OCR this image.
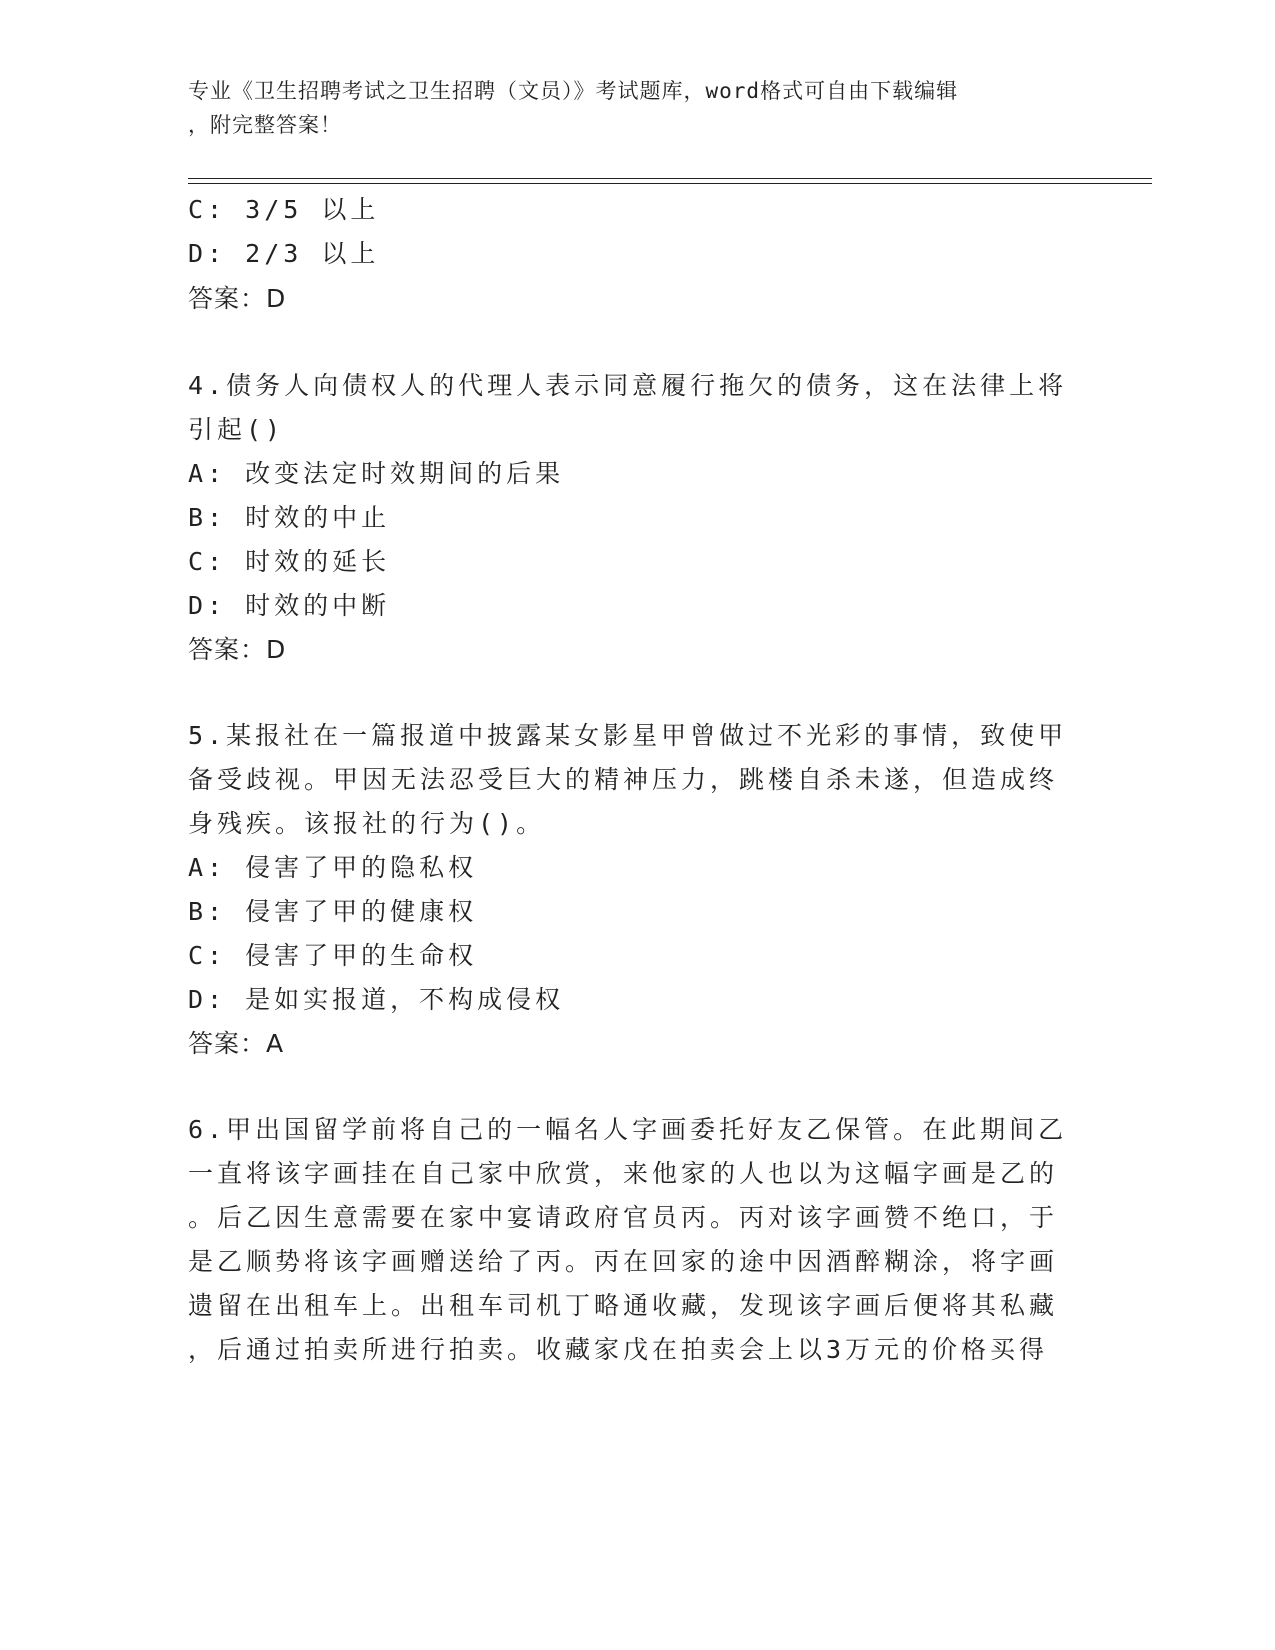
专业《卫生招聘考试之卫生招聘（文员）》考试题库，word格式可自由下载编辑
，附完整答案！
C: 3/5 以上
D: 2/3 以上
答案：D
4.债务人向债权人的代理人表示同意履行拖欠的债务，这在法律上将
引起()
A: 改变法定时效期间的后果
B: 时效的中止
C: 时效的延长
D: 时效的中断
答案：D
5.某报社在一篇报道中披露某女影星甲曾做过不光彩的事情，致使甲
备受歧视。甲因无法忍受巨大的精神压力，跳楼自杀未遂，但造成终
身残疾。该报社的行为()。
A: 侵害了甲的隐私权
B: 侵害了甲的健康权
C: 侵害了甲的生命权
D: 是如实报道，不构成侵权
答案：A
6.甲出国留学前将自己的一幅名人字画委托好友乙保管。在此期间乙
一直将该字画挂在自己家中欣赏，来他家的人也以为这幅字画是乙的
。后乙因生意需要在家中宴请政府官员丙。丙对该字画赞不绝口，于
是乙顺势将该字画赠送给了丙。丙在回家的途中因酒醉糊涂，将字画
遗留在出租车上。出租车司机丁略通收藏，发现该字画后便将其私藏
，后通过拍卖所进行拍卖。收藏家戊在拍卖会上以3万元的价格买得
